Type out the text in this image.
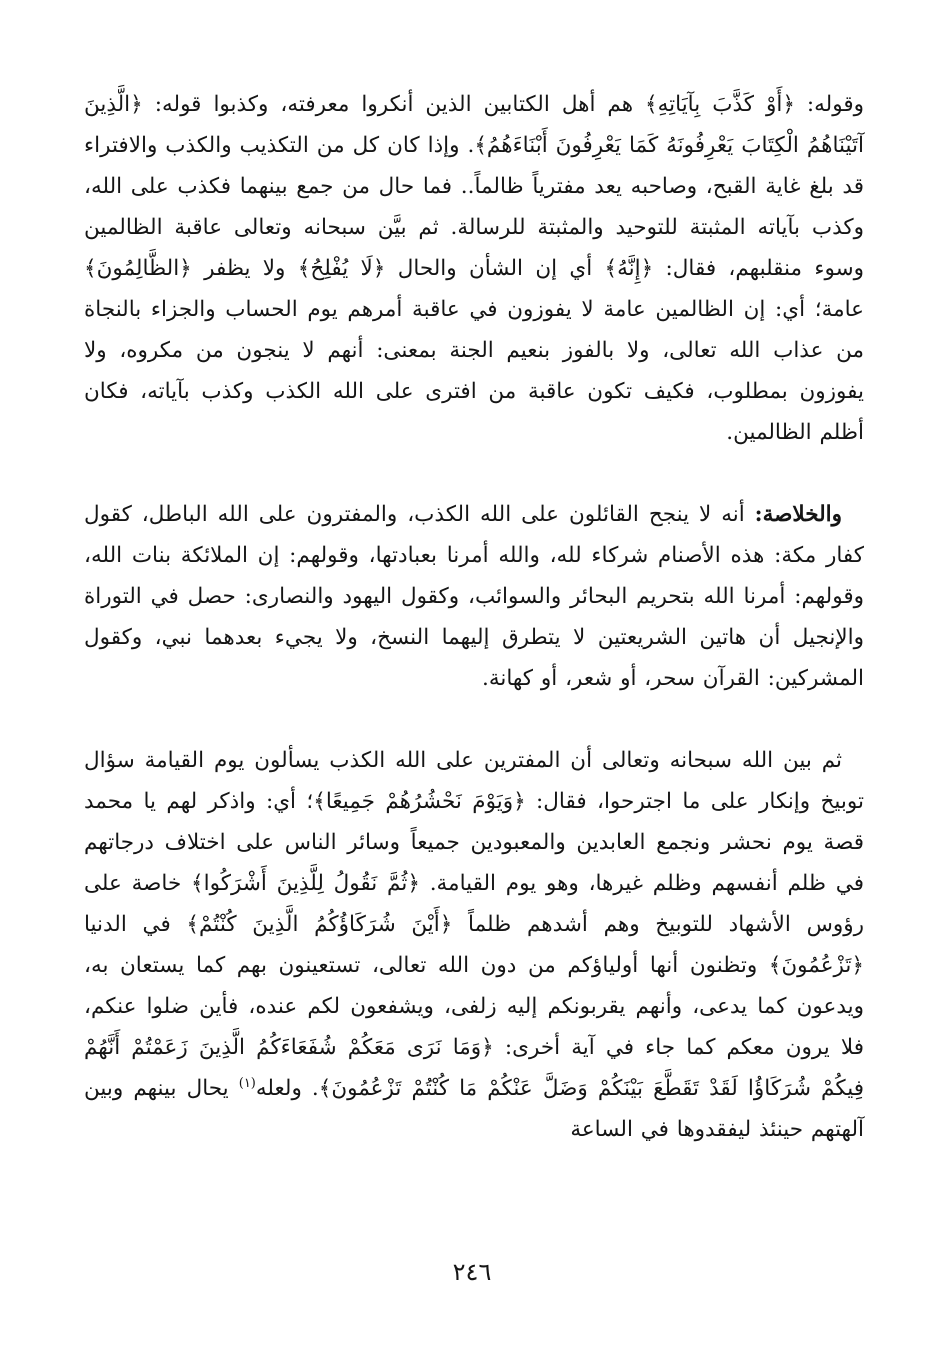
وقوله: ﴿أَوْ كَذَّبَ بِآيَاتِهِ﴾ هم أهل الكتابين الذين أنكروا معرفته، وكذبوا قوله: ﴿الَّذِينَ آتَيْنَاهُمُ الْكِتَابَ يَعْرِفُونَهُ كَمَا يَعْرِفُونَ أَبْنَاءَهُمُ﴾. وإذا كان كل من التكذيب والكذب والافتراء قد بلغ غاية القبح، وصاحبه يعد مفترياً ظالماً.. فما حال من جمع بينهما فكذب على الله، وكذب بآياته المثبتة للتوحيد والمثبتة للرسالة. ثم بيَّن سبحانه وتعالى عاقبة الظالمين وسوء منقلبهم، فقال: ﴿إِنَّهُ﴾ أي إن الشأن والحال ﴿لَا يُفْلِحُ﴾ ولا يظفر ﴿الظَّالِمُونَ﴾ عامة؛ أي: إن الظالمين عامة لا يفوزون في عاقبة أمرهم يوم الحساب والجزاء بالنجاة من عذاب الله تعالى، ولا بالفوز بنعيم الجنة بمعنى: أنهم لا ينجون من مكروه، ولا يفوزون بمطلوب، فكيف تكون عاقبة من افترى على الله الكذب وكذب بآياته، فكان أظلم الظالمين.

والخلاصة: أنه لا ينجح القائلون على الله الكذب، والمفترون على الله الباطل، كقول كفار مكة: هذه الأصنام شركاء لله، والله أمرنا بعبادتها، وقولهم: إن الملائكة بنات الله، وقولهم: أمرنا الله بتحريم البحائر والسوائب، وكقول اليهود والنصارى: حصل في التوراة والإنجيل أن هاتين الشريعتين لا يتطرق إليهما النسخ، ولا يجيء بعدهما نبي، وكقول المشركين: القرآن سحر، أو شعر، أو كهانة.

ثم بين الله سبحانه وتعالى أن المفترين على الله الكذب يسألون يوم القيامة سؤال توبيخ وإنكار على ما اجترحوا، فقال: ﴿وَيَوْمَ نَحْشُرُهُمْ جَمِيعًا﴾؛ أي: واذكر لهم يا محمد قصة يوم نحشر ونجمع العابدين والمعبودين جميعاً وسائر الناس على اختلاف درجاتهم في ظلم أنفسهم وظلم غيرها، وهو يوم القيامة. ﴿ثُمَّ نَقُولُ لِلَّذِينَ أَشْرَكُوا﴾ خاصة على رؤوس الأشهاد للتوبيخ وهم أشدهم ظلماً ﴿أَيْنَ شُرَكَاؤُكُمُ الَّذِينَ كُنْتُمْ﴾ في الدنيا ﴿تَزْعُمُونَ﴾ وتظنون أنها أولياؤكم من دون الله تعالى، تستعينون بهم كما يستعان به، ويدعون كما يدعى، وأنهم يقربونكم إليه زلفى، ويشفعون لكم عنده، فأين ضلوا عنكم، فلا يرون معكم كما جاء في آية أخرى: ﴿وَمَا نَرَى مَعَكُمْ شُفَعَاءَكُمُ الَّذِينَ زَعَمْتُمْ أَنَّهُمْ فِيكُمْ شُرَكَاؤُا لَقَدْ تَقَطَّعَ بَيْنَكُمْ وَضَلَّ عَنْكُمْ مَا كُنْتُمْ تَزْعُمُونَ﴾. ولعله$^{(١)}$ يحال بينهم وبين آلهتهم حينئذ ليفقدوها في الساعة

٢٤٦
